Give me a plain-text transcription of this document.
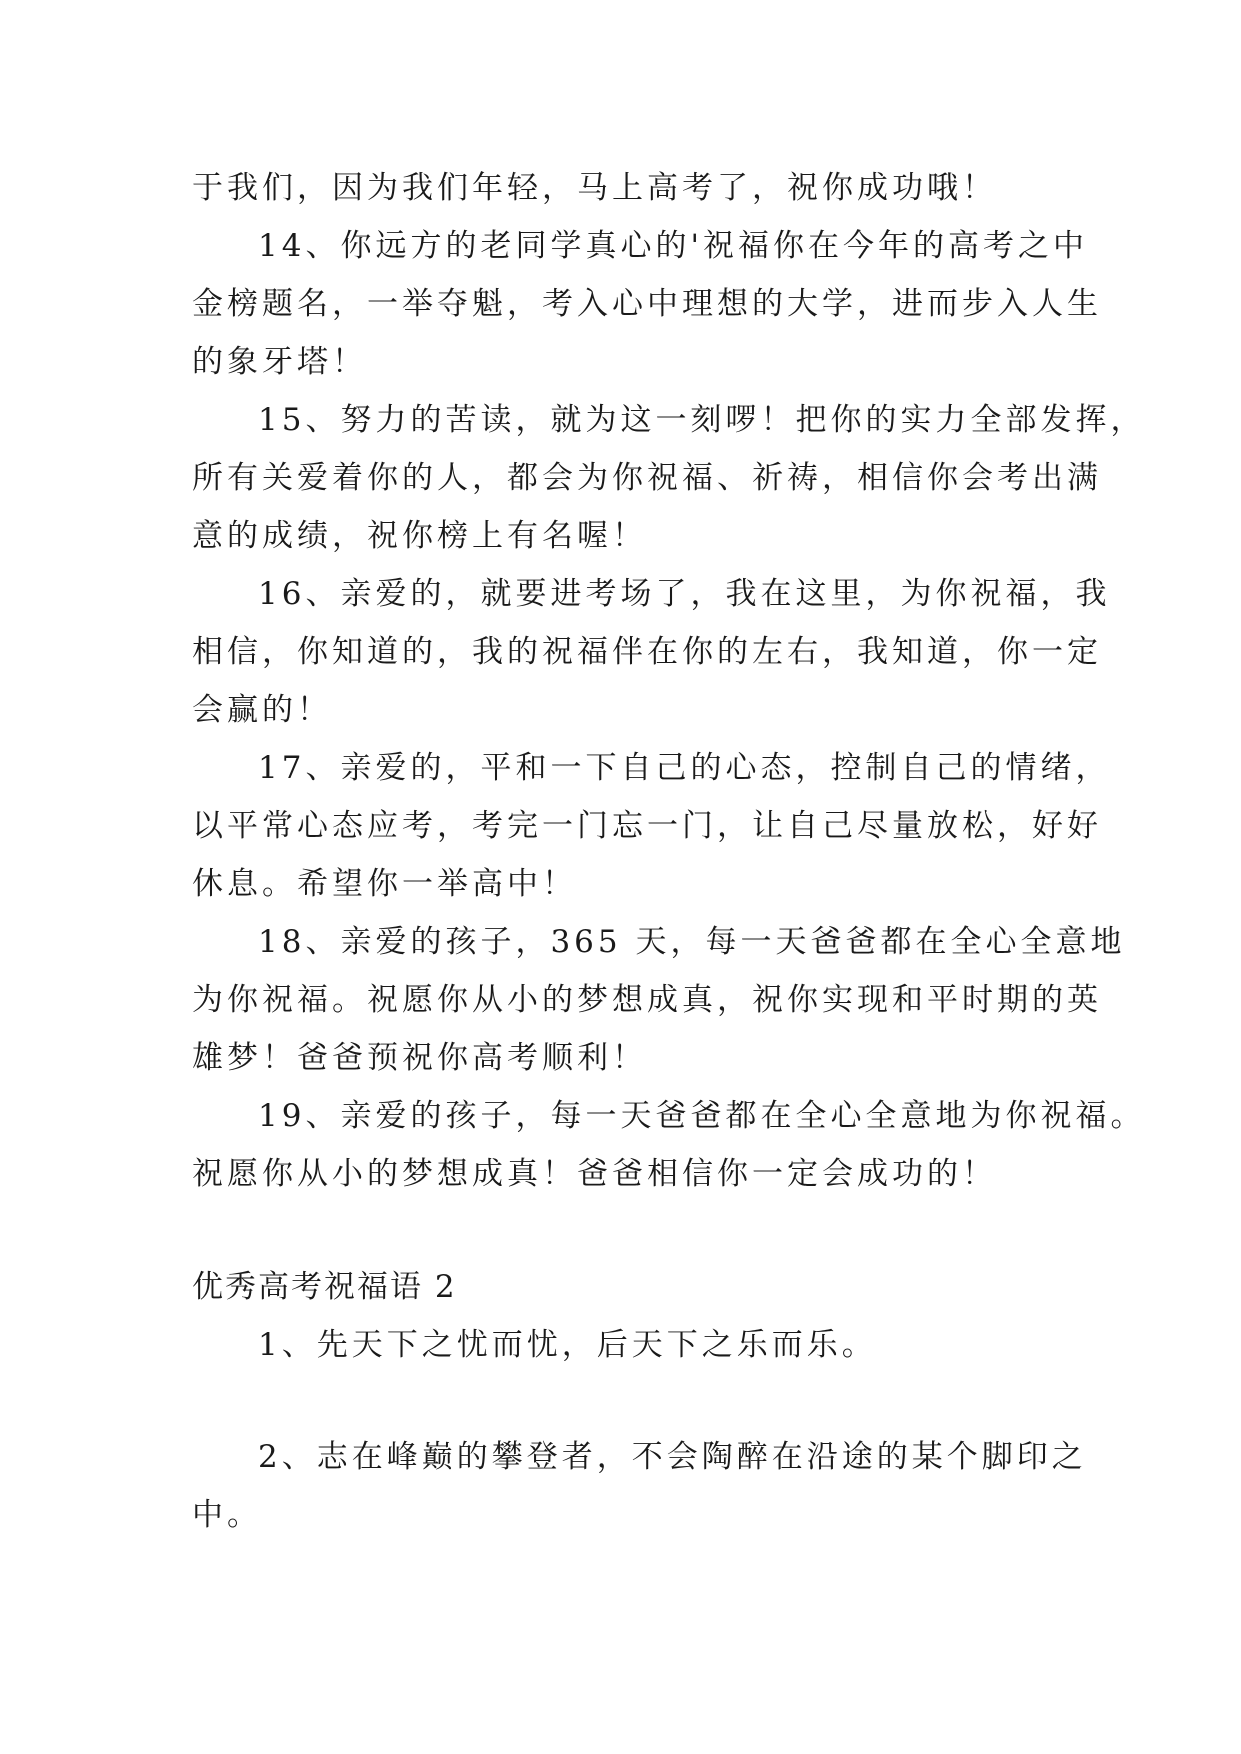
于我们，因为我们年轻，马上高考了，祝你成功哦！
14、你远方的老同学真心的'祝福你在今年的高考之中
金榜题名，一举夺魁，考入心中理想的大学，进而步入人生
的象牙塔！
15、努力的苦读，就为这一刻啰！把你的实力全部发挥，
所有关爱着你的人，都会为你祝福、祈祷，相信你会考出满
意的成绩，祝你榜上有名喔！
16、亲爱的，就要进考场了，我在这里，为你祝福，我
相信，你知道的，我的祝福伴在你的左右，我知道，你一定
会赢的！
17、亲爱的，平和一下自己的心态，控制自己的情绪，
以平常心态应考，考完一门忘一门，让自己尽量放松，好好
休息。希望你一举高中！
18、亲爱的孩子，365 天，每一天爸爸都在全心全意地
为你祝福。祝愿你从小的梦想成真，祝你实现和平时期的英
雄梦！爸爸预祝你高考顺利！
19、亲爱的孩子，每一天爸爸都在全心全意地为你祝福。
祝愿你从小的梦想成真！爸爸相信你一定会成功的！
优秀高考祝福语 2
1、先天下之忧而忧，后天下之乐而乐。
2、志在峰巅的攀登者，不会陶醉在沿途的某个脚印之
中。
